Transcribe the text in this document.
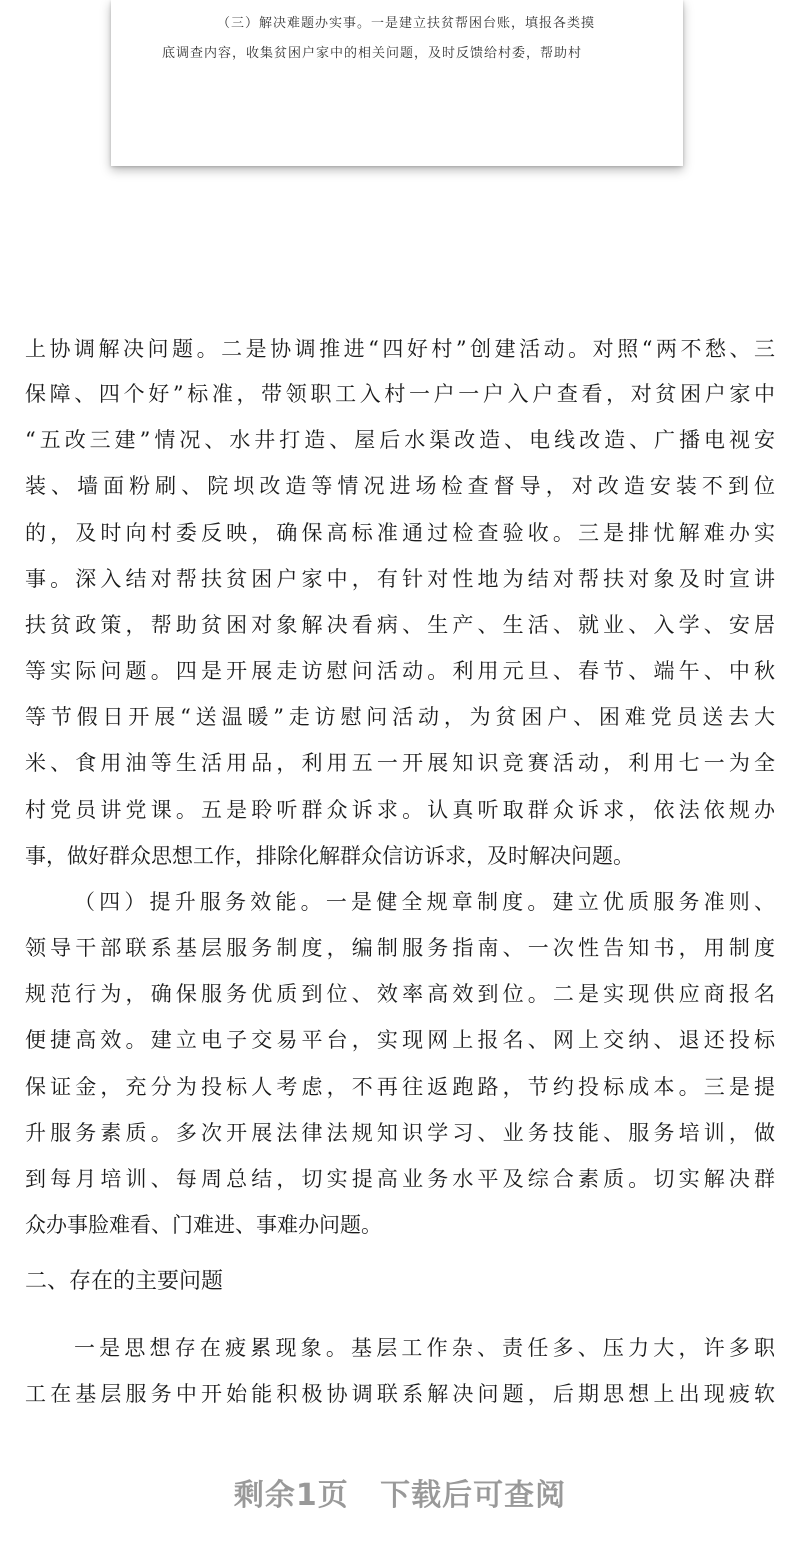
（三）解决难题办实事。一是建立扶贫帮困台账，填报各类摸
底调查内容，收集贫困户家中的相关问题，及时反馈给村委，帮助村
上协调解决问题。二是协调推进“四好村”创建活动。对照“两不愁、三
保障、四个好”标准，带领职工入村一户一户入户查看，对贫困户家中
“五改三建”情况、水井打造、屋后水渠改造、电线改造、广播电视安
装、墙面粉刷、院坝改造等情况进场检查督导，对改造安装不到位
的，及时向村委反映，确保高标准通过检查验收。三是排忧解难办实
事。深入结对帮扶贫困户家中，有针对性地为结对帮扶对象及时宣讲
扶贫政策，帮助贫困对象解决看病、生产、生活、就业、入学、安居
等实际问题。四是开展走访慰问活动。利用元旦、春节、端午、中秋
等节假日开展“送温暖”走访慰问活动，为贫困户、困难党员送去大
米、食用油等生活用品，利用五一开展知识竞赛活动，利用七一为全
村党员讲党课。五是聆听群众诉求。认真听取群众诉求，依法依规办
事，做好群众思想工作，排除化解群众信访诉求，及时解决问题。
（四）提升服务效能。一是健全规章制度。建立优质服务准则、
领导干部联系基层服务制度，编制服务指南、一次性告知书，用制度
规范行为，确保服务优质到位、效率高效到位。二是实现供应商报名
便捷高效。建立电子交易平台，实现网上报名、网上交纳、退还投标
保证金，充分为投标人考虑，不再往返跑路，节约投标成本。三是提
升服务素质。多次开展法律法规知识学习、业务技能、服务培训，做
到每月培训、每周总结，切实提高业务水平及综合素质。切实解决群
众办事脸难看、门难进、事难办问题。
二、存在的主要问题
一是思想存在疲累现象。基层工作杂、责任多、压力大，许多职
工在基层服务中开始能积极协调联系解决问题，后期思想上出现疲软
剩余1页 下载后可查阅
